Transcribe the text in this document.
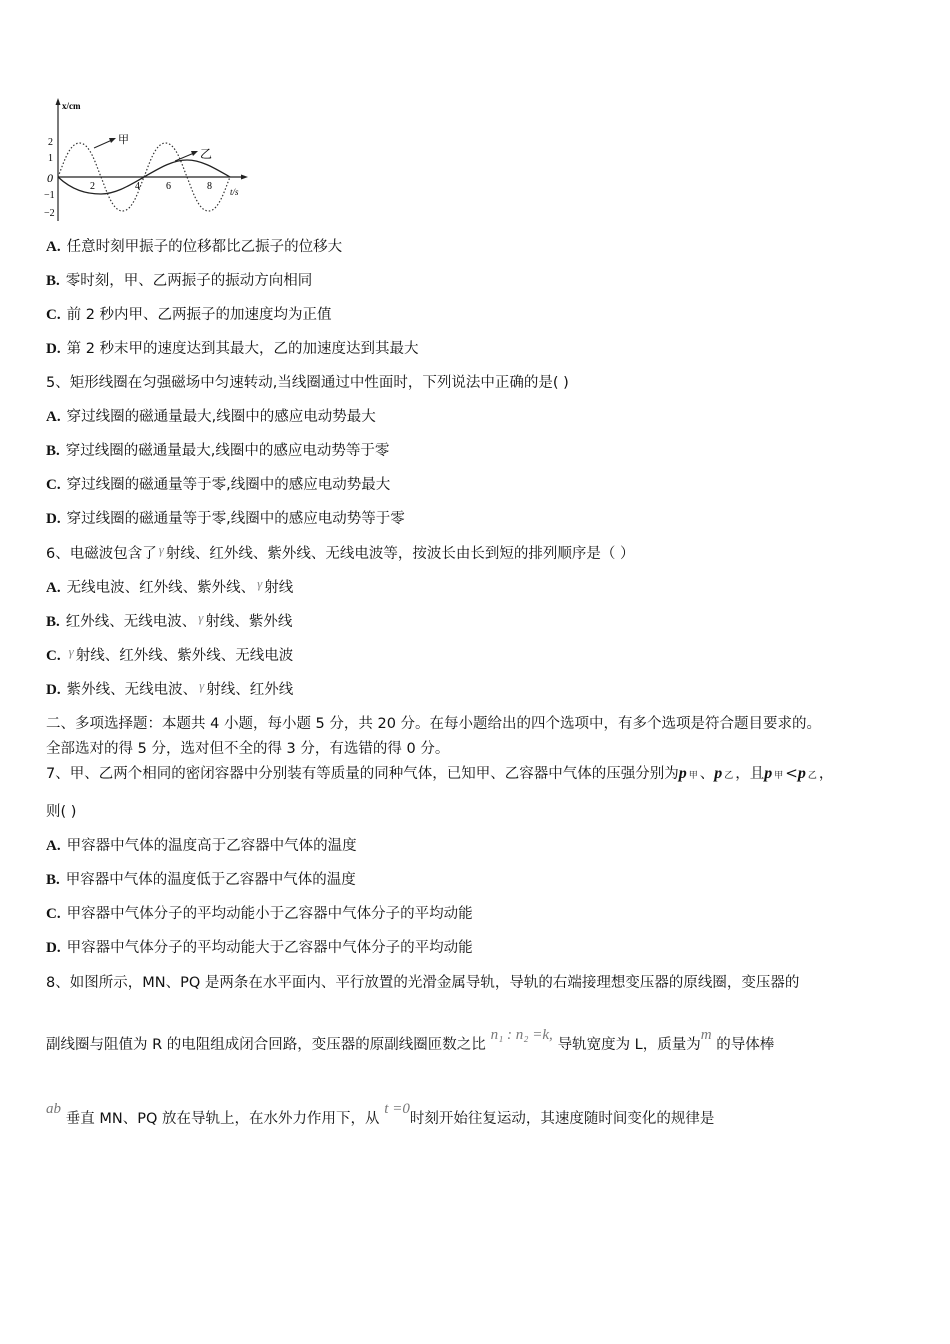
x/cm
2
1
0
−1
−2
2	4	6	8 t/s
甲
乙
A. 任意时刻甲振子的位移都比乙振子的位移大
B. 零时刻，甲、乙两振子的振动方向相同
C. 前 2 秒内甲、乙两振子的加速度均为正值
D. 第 2 秒末甲的速度达到其最大，乙的加速度达到其最大
5、矩形线圈在匀强磁场中匀速转动,当线圈通过中性面时，下列说法中正确的是( )
A. 穿过线圈的磁通量最大,线圈中的感应电动势最大
B. 穿过线圈的磁通量最大,线圈中的感应电动势等于零
C. 穿过线圈的磁通量等于零,线圈中的感应电动势最大
D. 穿过线圈的磁通量等于零,线圈中的感应电动势等于零
6、电磁波包含了 γ 射线、红外线、紫外线、无线电波等，按波长由长到短的排列顺序是（ ）
A. 无线电波、红外线、紫外线、 γ 射线
B. 红外线、无线电波、 γ 射线、紫外线
C. γ 射线、红外线、紫外线、无线电波
D. 紫外线、无线电波、 γ 射线、红外线
二、多项选择题：本题共 4 小题，每小题 5 分，共 20 分。在每小题给出的四个选项中，有多个选项是符合题目要求的。
全部选对的得 5 分，选对但不全的得 3 分，有选错的得 0 分。
7、甲、乙两个相同的密闭容器中分别装有等质量的同种气体，已知甲、乙容器中气体的压强分别为p 甲 、p 乙 ，且p 甲 <p 乙 ，
则( )
A. 甲容器中气体的温度高于乙容器中气体的温度
B. 甲容器中气体的温度低于乙容器中气体的温度
C. 甲容器中气体分子的平均动能小于乙容器中气体分子的平均动能
D. 甲容器中气体分子的平均动能大于乙容器中气体分子的平均动能
8、如图所示，MN、PQ 是两条在水平面内、平行放置的光滑金属导轨，导轨的右端接理想变压器的原线圈，变压器的
副线圈与阻值为 R 的电阻组成闭合回路，变压器的原副线圈匝数之比 n₁ : n₂ =k, 导轨宽度为 L，质量为m 的导体棒
ab 垂直 MN、PQ 放在导轨上，在水外力作用下，从 t =0时刻开始往复运动，其速度随时间变化的规律是
